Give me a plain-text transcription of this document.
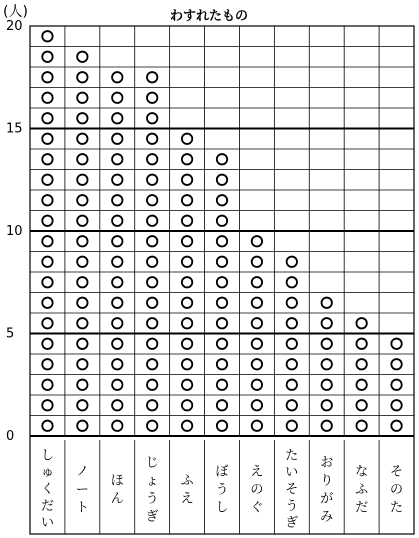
わすれたもの
(人)
20
15
10
5
0
しゅくだい
ノート
ほん
じょうぎ
ふえ
ぼうし
えのぐ
たいそうぎ
おりがみ
なふだ
そのた
